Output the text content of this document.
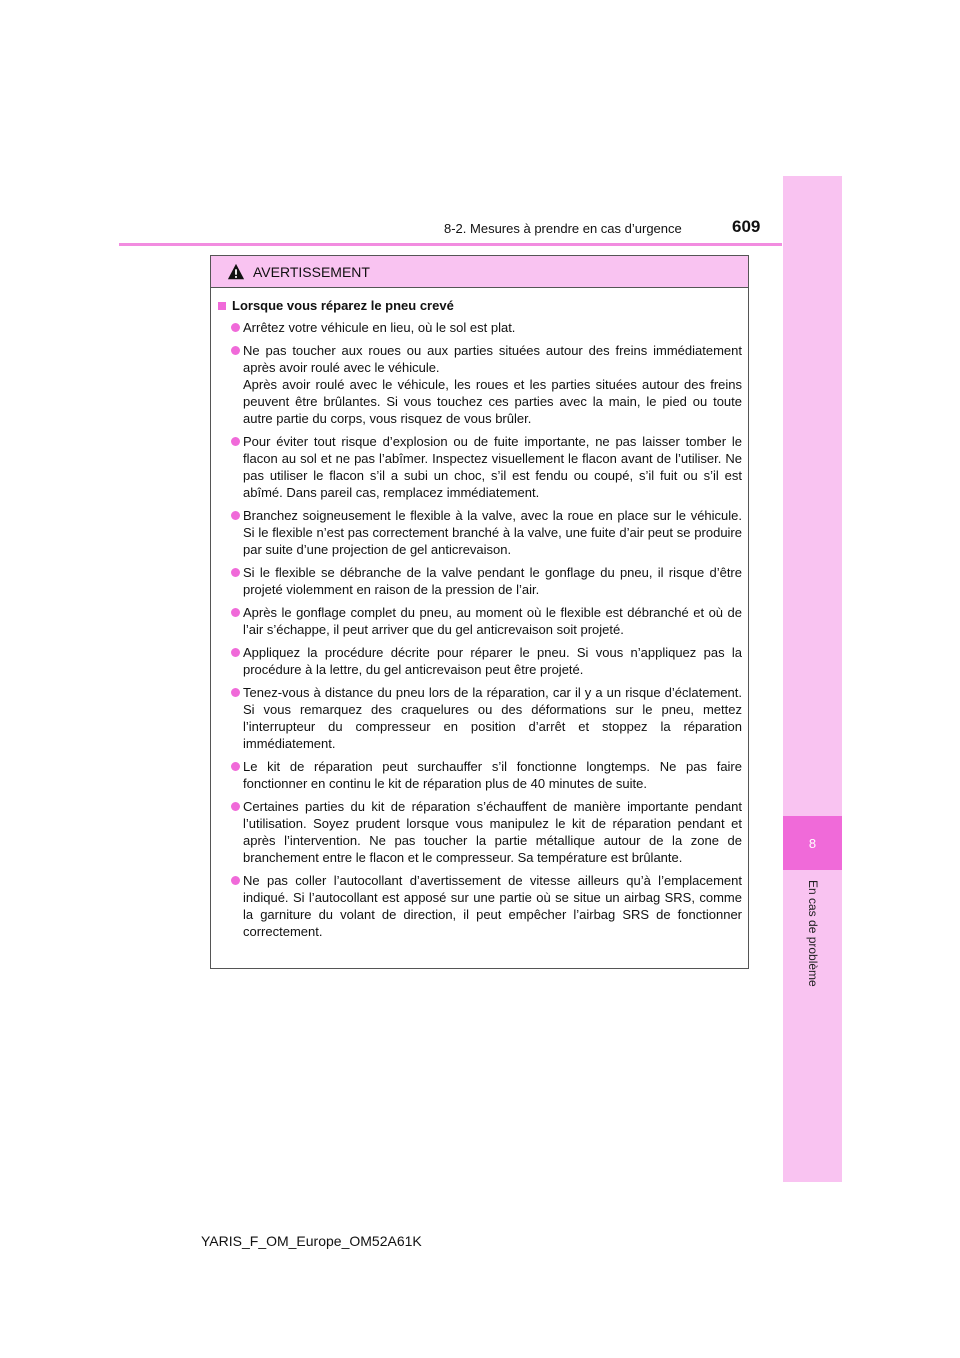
8
En cas de problème
8-2. Mesures à prendre en cas d’urgence	609
AVERTISSEMENT
Lorsque vous réparez le pneu crevé
Arrêtez votre véhicule en lieu, où le sol est plat.
Ne pas toucher aux roues ou aux parties situées autour des freins immédiatement après avoir roulé avec le véhicule.
Après avoir roulé avec le véhicule, les roues et les parties situées autour des freins peuvent être brûlantes. Si vous touchez ces parties avec la main, le pied ou toute autre partie du corps, vous risquez de vous brûler.
Pour éviter tout risque d’explosion ou de fuite importante, ne pas laisser tomber le flacon au sol et ne pas l’abîmer. Inspectez visuellement le flacon avant de l’utiliser. Ne pas utiliser le flacon s’il a subi un choc, s’il est fendu ou coupé, s’il fuit ou s’il est abîmé. Dans pareil cas, remplacez immédiatement.
Branchez soigneusement le flexible à la valve, avec la roue en place sur le véhicule. Si le flexible n’est pas correctement branché à la valve, une fuite d’air peut se produire par suite d’une projection de gel anticrevaison.
Si le flexible se débranche de la valve pendant le gonflage du pneu, il risque d’être projeté violemment en raison de la pression de l’air.
Après le gonflage complet du pneu, au moment où le flexible est débranché et où de l’air s’échappe, il peut arriver que du gel anticrevaison soit projeté.
Appliquez la procédure décrite pour réparer le pneu. Si vous n’appliquez pas la procédure à la lettre, du gel anticrevaison peut être projeté.
Tenez-vous à distance du pneu lors de la réparation, car il y a un risque d’éclatement. Si vous remarquez des craquelures ou des déformations sur le pneu, mettez l’interrupteur du compresseur en position d’arrêt et stoppez la réparation immédiatement.
Le kit de réparation peut surchauffer s’il fonctionne longtemps. Ne pas faire fonctionner en continu le kit de réparation plus de 40 minutes de suite.
Certaines parties du kit de réparation s’échauffent de manière importante pendant l’utilisation. Soyez prudent lorsque vous manipulez le kit de réparation pendant et après l’intervention. Ne pas toucher la partie métallique autour de la zone de branchement entre le flacon et le compresseur. Sa température est brûlante.
Ne pas coller l’autocollant d’avertissement de vitesse ailleurs qu’à l’emplacement indiqué. Si l’autocollant est apposé sur une partie où se situe un airbag SRS, comme la garniture du volant de direction, il peut empêcher l’airbag SRS de fonctionner correctement.
YARIS_F_OM_Europe_OM52A61K
